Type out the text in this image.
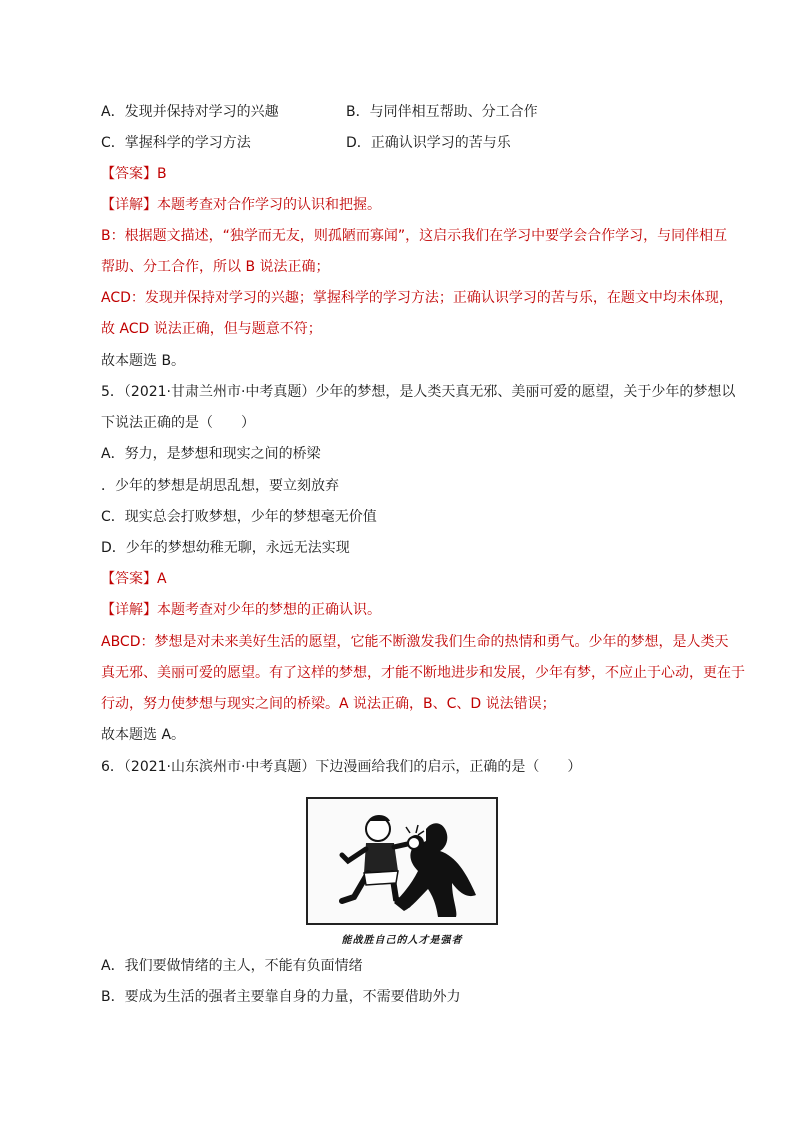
A．发现并保持对学习的兴趣	B．与同伴相互帮助、分工合作
C．掌握科学的学习方法	D．正确认识学习的苦与乐
【答案】B
【详解】本题考查对合作学习的认识和把握。
B：根据题文描述，“独学而无友，则孤陋而寡闻”，这启示我们在学习中要学会合作学习，与同伴相互
帮助、分工合作，所以 B 说法正确；
ACD：发现并保持对学习的兴趣；掌握科学的学习方法；正确认识学习的苦与乐，在题文中均未体现，
故 ACD 说法正确，但与题意不符；
故本题选 B。
5．（2021·甘肃兰州市·中考真题）少年的梦想，是人类天真无邪、美丽可爱的愿望，关于少年的梦想以
下说法正确的是（　　）
A．努力，是梦想和现实之间的桥梁
．少年的梦想是胡思乱想，要立刻放弃
C．现实总会打败梦想，少年的梦想毫无价值
D．少年的梦想幼稚无聊，永远无法实现
【答案】A
【详解】本题考查对少年的梦想的正确认识。
ABCD：梦想是对未来美好生活的愿望，它能不断激发我们生命的热情和勇气。少年的梦想，是人类天
真无邪、美丽可爱的愿望。有了这样的梦想，才能不断地进步和发展，少年有梦，不应止于心动，更在于
行动，努力使梦想与现实之间的桥梁。A 说法正确，B、C、D 说法错误；
故本题选 A。
6．（2021·山东滨州市·中考真题）下边漫画给我们的启示，正确的是（　　）
能战胜自己的人才是强者
A．我们要做情绪的主人，不能有负面情绪
B．要成为生活的强者主要靠自身的力量，不需要借助外力
